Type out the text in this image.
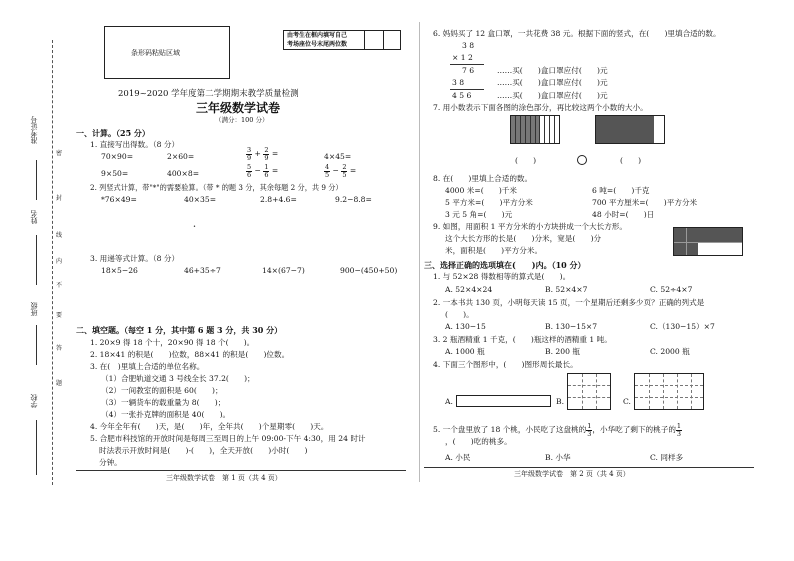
准考证号
姓名
班级
学校
密
封
线
内
不
要
答
题
条形码粘贴区域
由考生在框内填写自己
考场座位号末尾两位数
2019~2020 学年度第二学期期末教学质量检测
三年级数学试卷
（满分：100 分）
一、计算。（25 分）
1. 直接写出得数。（8 分）
70×90=	2×60=	$\frac{3}{9} + \frac{2}{9}$ =	4×45=
9×50=	400×8=	$\frac{5}{6} - \frac{1}{6}$ =	$\frac{4}{5} - \frac{2}{5}$ =
2. 列竖式计算，带"*"的需要验算。（带 * 的题 3 分，其余每题 2 分，共 9 分）
*76×49=	40×35=	2.8+4.6=	9.2−8.8=
•
3. 用递等式计算。（8 分）
18×5−26	46+35÷7	14×(67−7)	900−(450+50)
二、填空题。（每空 1 分，其中第 6 题 3 分，共 30 分）
1. 20×9 得 18 个十，20×90 得 18 个(　　)。
2. 18×41 的积是(　　)位数，88×41 的积是(　　)位数。
3. 在(　)里填上合适的单位名称。
（1）合肥轨道交通 3 号线全长 37.2(　　)；
（2）一间教室的面积是 60(　　)；
（3）一辆货车的载重量为 8(　　)；
（4）一张扑克牌的面积是 40(　　)。
4. 今年全年有(　　)天，是(　　)年，全年共(　　)个星期零(　　)天。
5. 合肥市科技馆的开放时间是每周三至周日的上午 09:00-下午 4:30，用 24 时计
时法表示开放时间是(　　)-(　　)，全天开放(　　)小时(　　)
分钟。
三年级数学试卷　第 1 页（共 4 页）
6. 妈妈买了 12 盒口罩，一共花费 38 元。根据下面的竖式，在(　　)里填合适的数。
3 8
× 1 2
7 6
3 8
4 5 6
……买(　　)盒口罩应付(　　)元
……买(　　)盒口罩应付(　　)元
……买(　　)盒口罩应付(　　)元
7. 用小数表示下面各图的涂色部分，再比较这两个小数的大小。
(　　)	(　　)
8. 在(　　)里填上合适的数。
4000 米=(　　)千米	6 吨=(　　)千克
5 平方米=(　　)平方分米	700 平方厘米=(　　)平方分米
3 元 5 角=(　　)元	48 小时=(　　)日
9. 如图，用面积 1 平方分米的小方块拼成一个大长方形。
这个大长方形的长是(　　)分米，宽是(　　)分
米，面积是(　　)平方分米。
三、选择正确的选项填在(　　)内。（10 分）
1. 与 52×28 得数相等的算式是(　　)。
A. 52×4×24	B. 52×4×7	C. 52÷4×7
2. 一本书共 130 页，小明每天读 15 页，一个星期后还剩多少页？正确的列式是
(　　)。
A. 130−15	B. 130−15×7	C.（130−15）×7
3. 2 瓶酒精重 1 千克，(　　)瓶这样的酒精重 1 吨。
A. 1000 瓶	B. 200 瓶	C. 2000 瓶
4. 下面三个图形中，(　　)图形周长最长。
A.	B.	C.
5. 一个盘里放了 18 个桃，小民吃了这盘桃的 $\frac{1}{3}$ ，小华吃了剩下的桃子的 $\frac{1}{3}$
，(　　)吃的桃多。
A. 小民	B. 小华	C. 同样多
三年级数学试卷　第 2 页（共 4 页）
